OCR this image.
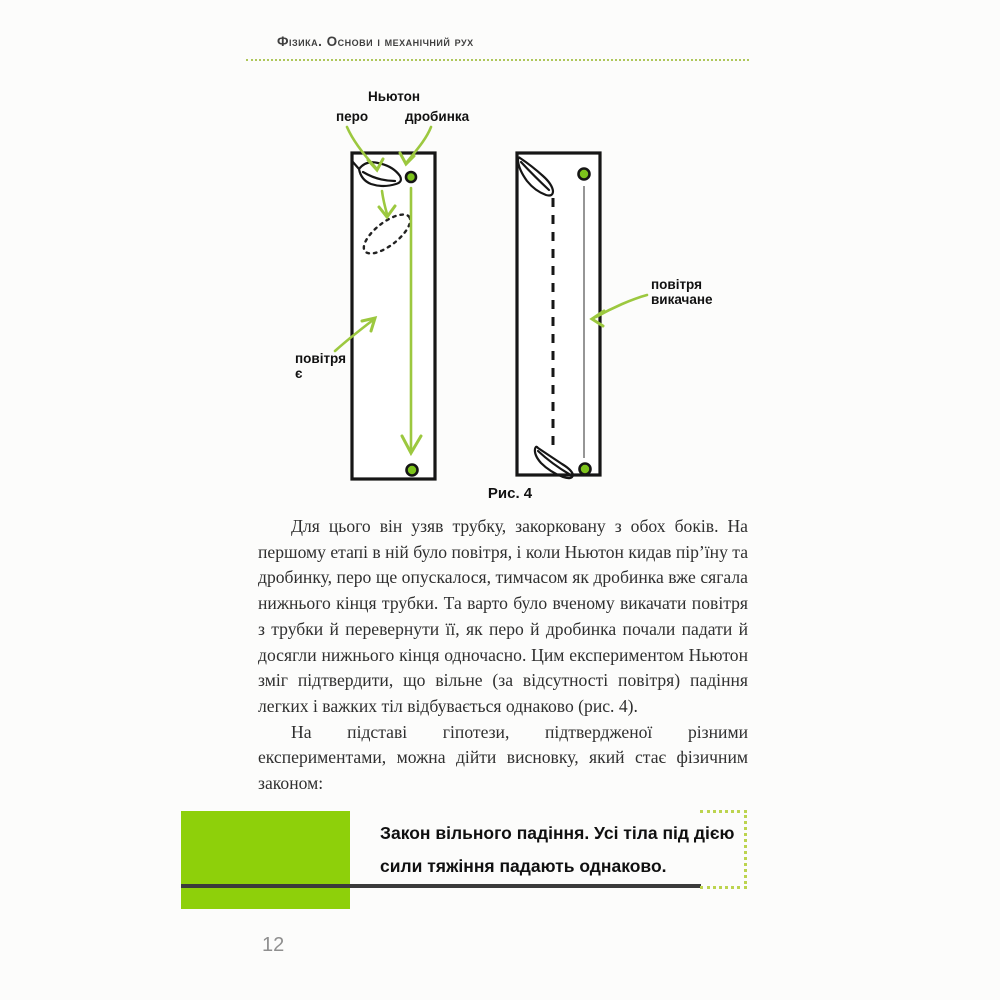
Фізика. Основи і механічний рух
Ньютон
перо	дробинка
повітря
є
повітря
викачане
Рис. 4

Для цього він узяв трубку, закорковану з обох боків. На першому етапі в ній було повітря, і коли Ньютон кидав пір’їну та дробинку, перо ще опускалося, тимчасом як дробинка вже сягала нижнього кінця трубки. Та варто було вченому викачати повітря з трубки й перевернути її, як перо й дробинка почали падати й досягли нижнього кінця одночасно. Цим експериментом Ньютон зміг підтвердити, що вільне (за відсутності повітря) падіння легких і важких тіл відбувається однаково (рис. 4).

На підставі гіпотези, підтвердженої різними експериментами, можна дійти висновку, який стає фізичним законом:

Закон вільного падіння. Усі тіла під дією сили тяжіння падають однаково.
12
